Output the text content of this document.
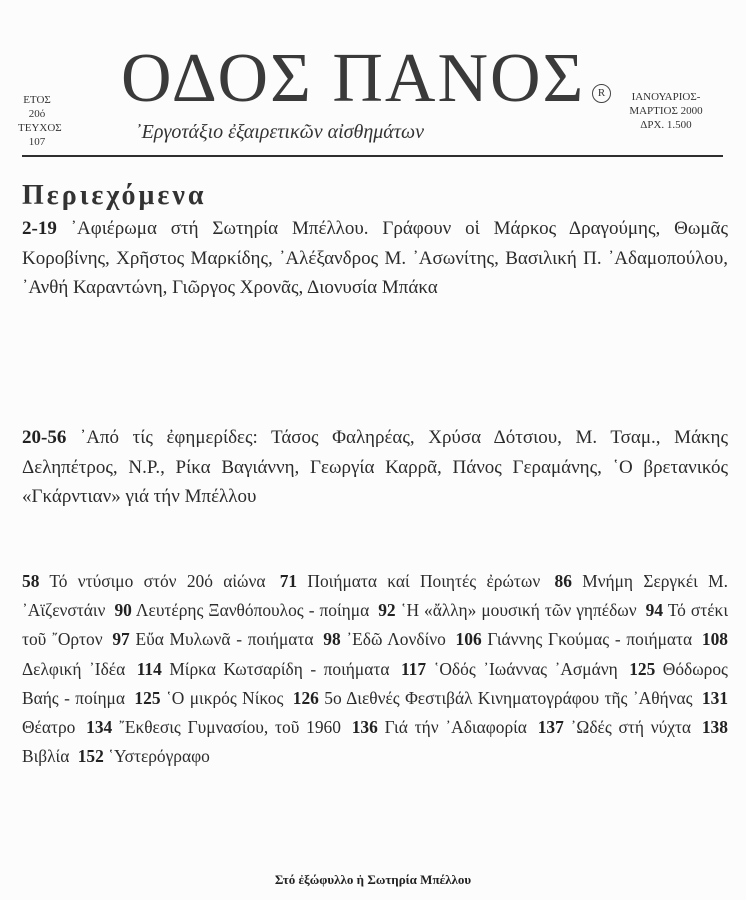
ΕΤΟΣ 20ό
ΤΕΥΧΟΣ
107
ΟΔΟΣ ΠΑΝΟΣ	R	ΙΑΝΟΥΑΡΙΟΣ-
ΜΑΡΤΙΟΣ 2000
ΔΡΧ. 1.500
᾿Εργοτάξιο ἐξαιρετικῶν αἰσθημάτων
Περιεχόμενα
2-19 ᾿Αφιέρωμα στή Σωτηρία Μπέλλου. Γράφουν οἱ Μάρκος Δραγούμης, Θωμᾶς Κοροβίνης, Χρῆστος Μαρκίδης, ᾿Αλέξανδρος Μ. ᾿Ασωνίτης, Βασιλική Π. ᾿Αδαμοπούλου, ᾿Ανθή Καραντώνη, Γιῶργος Χρονᾶς, Διονυσία Μπάκα
20-56 ᾿Από τίς ἐφημερίδες: Τάσος Φαληρέας, Χρύσα Δότσιου, Μ. Τσαμ., Μάκης Δεληπέτρος, Ν.Ρ., Ρίκα Βαγιάννη, Γεωργία Καρρᾶ, Πάνος Γεραμάνης, ῾Ο βρετανικός «Γκάρντιαν» γιά τήν Μπέλλου
58 Τό ντύσιμο στόν 20ό αἰώνα 71 Ποιήματα καί Ποιητές ἐρώτων 86 Μνήμη Σεργκέι Μ. ᾿Αϊζενστάιν 90 Λευτέρης Ξανθόπουλος - ποίημα 92 ῾Η «ἄλλη» μουσική τῶν γηπέδων 94 Τό στέκι τοῦ ῎Ορτον 97 Εὔα Μυλωνᾶ - ποιήματα 98 ᾿Εδῶ Λονδίνο 106 Γιάννης Γκούμας - ποιήματα 108 Δελφική ᾿Ιδέα 114 Μίρκα Κωτσαρίδη - ποιήματα 117 ῾Οδός ᾿Ιωάννας ᾿Ασμάνη 125 Θόδωρος Βαής - ποίημα 125 ῾Ο μικρός Νίκος 126 5ο Διεθνές Φεστιβάλ Κινηματογράφου τῆς ᾿Αθήνας 131 Θέατρο 134 ῎Εκθεσις Γυμνασίου, τοῦ 1960 136 Γιά τήν ᾿Αδιαφορία 137 ᾿Ωδές στή νύχτα 138 Βιβλία 152 ῾Υστερόγραφο
Στό ἐξώφυλλο ἡ Σωτηρία Μπέλλου
